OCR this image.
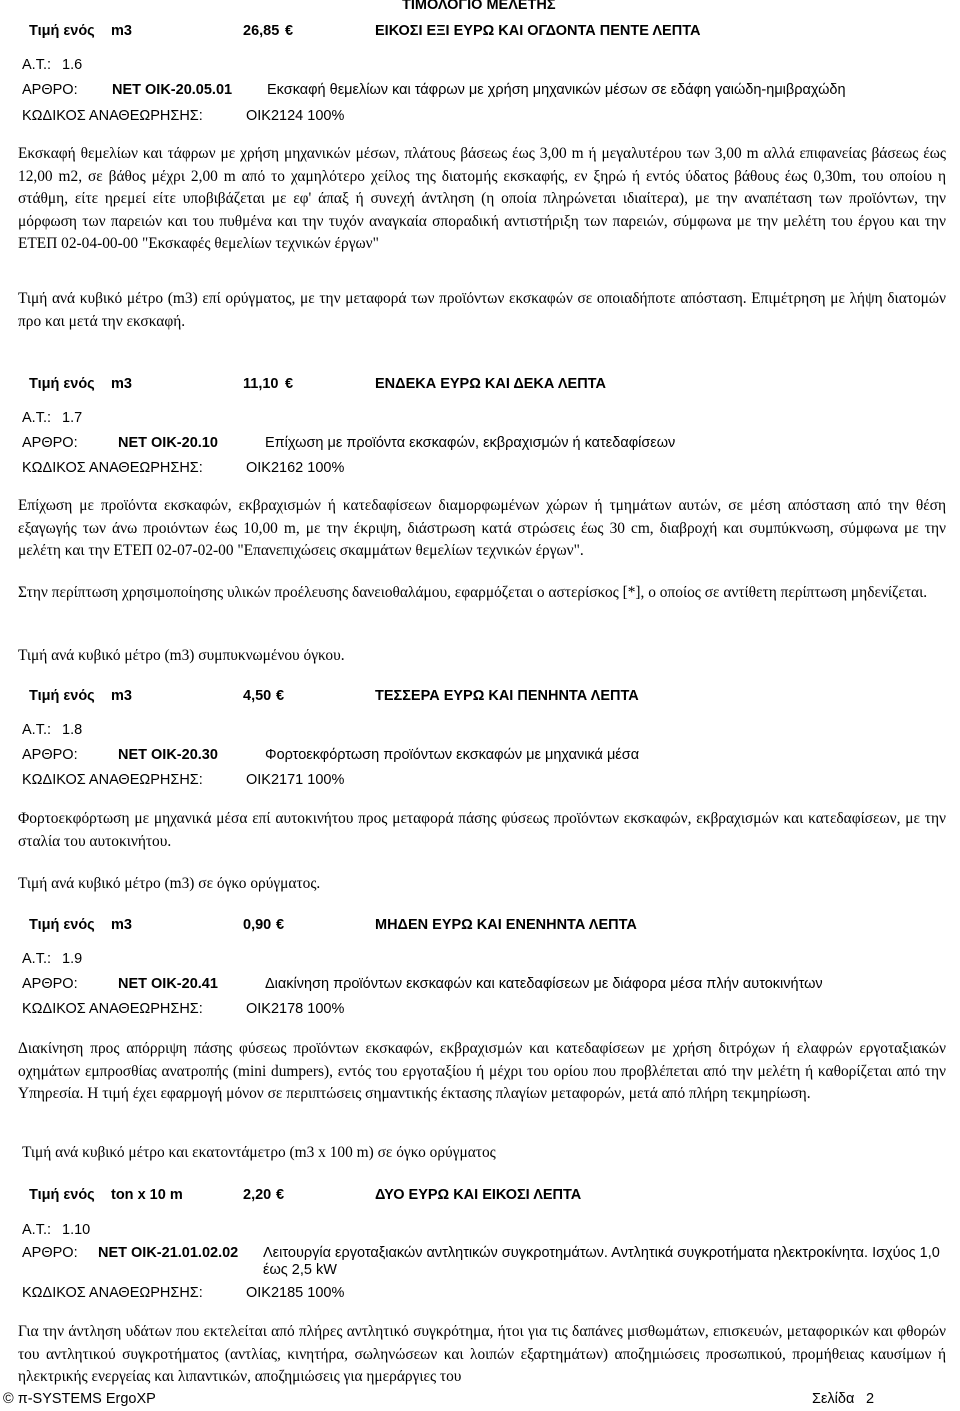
ΤΙΜΟΛΟΓΙΟ ΜΕΛΕΤΗΣ
Τιμή ενός m3	26,85 €	ΕΙΚΟΣΙ ΕΞΙ ΕΥΡΩ ΚΑΙ ΟΓΔΟΝΤΑ ΠΕΝΤΕ ΛΕΠΤΑ
Α.Τ.: 1.6
ΑΡΘΡΟ: ΝΕΤ ΟΙΚ-20.05.01 Εκσκαφή θεμελίων και τάφρων με χρήση μηχανικών μέσων σε εδάφη γαιώδη-ημιβραχώδη
ΚΩΔΙΚΟΣ ΑΝΑΘΕΩΡΗΣΗΣ:	ΟΙΚ2124 100%

Εκσκαφή θεμελίων και τάφρων με χρήση μηχανικών μέσων, πλάτους βάσεως έως 3,00 m ή μεγαλυτέρου των 3,00 m αλλά επιφανείας βάσεως έως 12,00 m2, σε βάθος μέχρι 2,00 m από το χαμηλότερο χείλος της διατομής εκσκαφής, εν ξηρώ ή εντός ύδατος βάθους έως 0,30m, του οποίου η στάθμη, είτε ηρεμεί είτε υποβιβάζεται με εφ' άπαξ ή συνεχή άντληση (η οποία πληρώνεται ιδιαίτερα), με την αναπέταση των προϊόντων, την μόρφωση των παρειών και του πυθμένα και την τυχόν αναγκαία σποραδική αντιστήριξη των παρειών, σύμφωνα με την μελέτη του έργου και την ΕΤΕΠ 02-04-00-00 "Εκσκαφές θεμελίων τεχνικών έργων"

Τιμή ανά κυβικό μέτρο (m3) επί ορύγματος, με την μεταφορά των προϊόντων εκσκαφών σε οποιαδήποτε απόσταση. Επιμέτρηση με λήψη διατομών προ και μετά την εκσκαφή.

Τιμή ενός m3	11,10 €	ΕΝΔΕΚΑ ΕΥΡΩ ΚΑΙ ΔΕΚΑ ΛΕΠΤΑ
Α.Τ.: 1.7
ΑΡΘΡΟ:	ΝΕΤ ΟΙΚ-20.10	Επίχωση με προϊόντα εκσκαφών, εκβραχισμών ή κατεδαφίσεων
ΚΩΔΙΚΟΣ ΑΝΑΘΕΩΡΗΣΗΣ:	ΟΙΚ2162 100%

Επίχωση με προϊόντα εκσκαφών, εκβραχισμών ή κατεδαφίσεων διαμορφωμένων χώρων ή τμημάτων αυτών, σε μέση απόσταση από την θέση εξαγωγής των άνω προιόντων έως 10,00 m, με την έκριψη, διάστρωση κατά στρώσεις έως 30 cm, διαβροχή και συμπύκνωση, σύμφωνα με την μελέτη και την ΕΤΕΠ 02-07-02-00 "Επανεπιχώσεις σκαμμάτων θεμελίων τεχνικών έργων".

Στην περίπτωση χρησιμοποίησης υλικών προέλευσης δανειοθαλάμου, εφαρμόζεται ο αστερίσκος [*], ο οποίος σε αντίθετη περίπτωση μηδενίζεται.

Τιμή ανά κυβικό μέτρο (m3) συμπυκνωμένου όγκου.

Τιμή ενός m3	4,50 €	ΤΕΣΣΕΡΑ ΕΥΡΩ ΚΑΙ ΠΕΝΗΝΤΑ ΛΕΠΤΑ
Α.Τ.: 1.8
ΑΡΘΡΟ:	ΝΕΤ ΟΙΚ-20.30	Φορτοεκφόρτωση προϊόντων εκσκαφών με μηχανικά μέσα
ΚΩΔΙΚΟΣ ΑΝΑΘΕΩΡΗΣΗΣ:	ΟΙΚ2171 100%

Φορτοεκφόρτωση με μηχανικά μέσα επί αυτοκινήτου προς μεταφορά πάσης φύσεως προϊόντων εκσκαφών, εκβραχισμών και κατεδαφίσεων, με την σταλία του αυτοκινήτου.

Τιμή ανά κυβικό μέτρο (m3) σε όγκο ορύγματος.

Τιμή ενός m3	0,90 €	ΜΗΔΕΝ ΕΥΡΩ ΚΑΙ ΕΝΕΝΗΝΤΑ ΛΕΠΤΑ
Α.Τ.: 1.9
ΑΡΘΡΟ:	ΝΕΤ ΟΙΚ-20.41	Διακίνηση προϊόντων εκσκαφών και κατεδαφίσεων με διάφορα μέσα πλήν αυτοκινήτων
ΚΩΔΙΚΟΣ ΑΝΑΘΕΩΡΗΣΗΣ:	ΟΙΚ2178 100%

Διακίνηση προς απόρριψη πάσης φύσεως προϊόντων εκσκαφών, εκβραχισμών και κατεδαφίσεων με χρήση διτρόχων ή ελαφρών εργοταξιακών οχημάτων εμπροσθίας ανατροπής (mini dumpers), εντός του εργοταξίου ή μέχρι του ορίου που προβλέπεται από την μελέτη ή καθορίζεται από την Υπηρεσία. Η τιμή έχει εφαρμογή μόνον σε περιπτώσεις σημαντικής έκτασης πλαγίων μεταφορών, μετά από πλήρη τεκμηρίωση.

Τιμή ανά κυβικό μέτρο και εκατοντάμετρο (m3 x 100 m) σε όγκο ορύγματος

Τιμή ενός ton x 10 m	2,20 €	ΔΥΟ ΕΥΡΩ ΚΑΙ ΕΙΚΟΣΙ ΛΕΠΤΑ
Α.Τ.: 1.10
ΑΡΘΡΟ: ΝΕΤ ΟΙΚ-21.01.02.02 Λειτουργία εργοταξιακών αντλητικών συγκροτημάτων. Αντλητικά συγκροτήματα ηλεκτροκίνητα. Ισχύος 1,0 έως 2,5 kW
ΚΩΔΙΚΟΣ ΑΝΑΘΕΩΡΗΣΗΣ:	ΟΙΚ2185 100%

Για την άντληση υδάτων που εκτελείται από πλήρες αντλητικό συγκρότημα, ήτοι για τις δαπάνες μισθωμάτων, επισκευών, μεταφορικών και φθορών του αντλητικού συγκροτήματος (αντλίας, κινητήρα, σωληνώσεων και λοιπών εξαρτημάτων) αποζημιώσεις προσωπικού, προμήθειας καυσίμων ή ηλεκτρικής ενεργείας και λιπαντικών, αποζημιώσεις για ημεράργιες του

© π-SYSTEMS ErgoXP	Σελίδα 2
